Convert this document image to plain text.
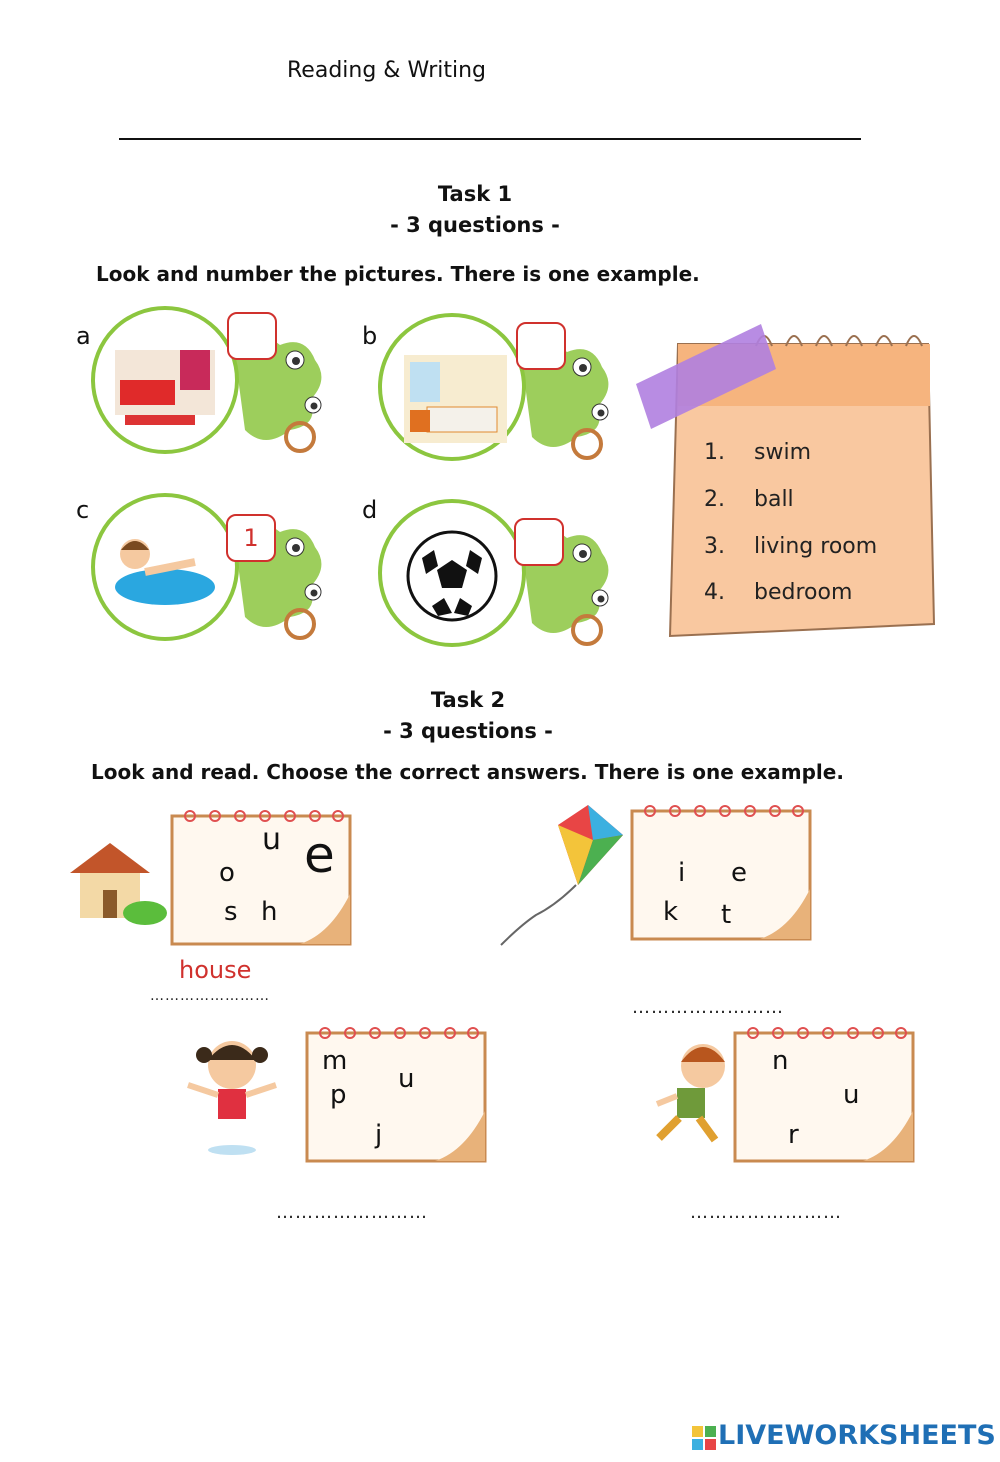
Reading & Writing
Task 1
- 3 questions -
Look and number the pictures. There is one example.
a	b
c
1
d
1. swim
2. ball
3. living room
4. bedroom
Task 2
- 3 questions -
Look and read. Choose the correct answers. There is one example.
u e
o
s h
house
……………………
i e
k t
……………………
m
u
p
j
……………………
n
u
r
……………………
LIVEWORKSHEETS
